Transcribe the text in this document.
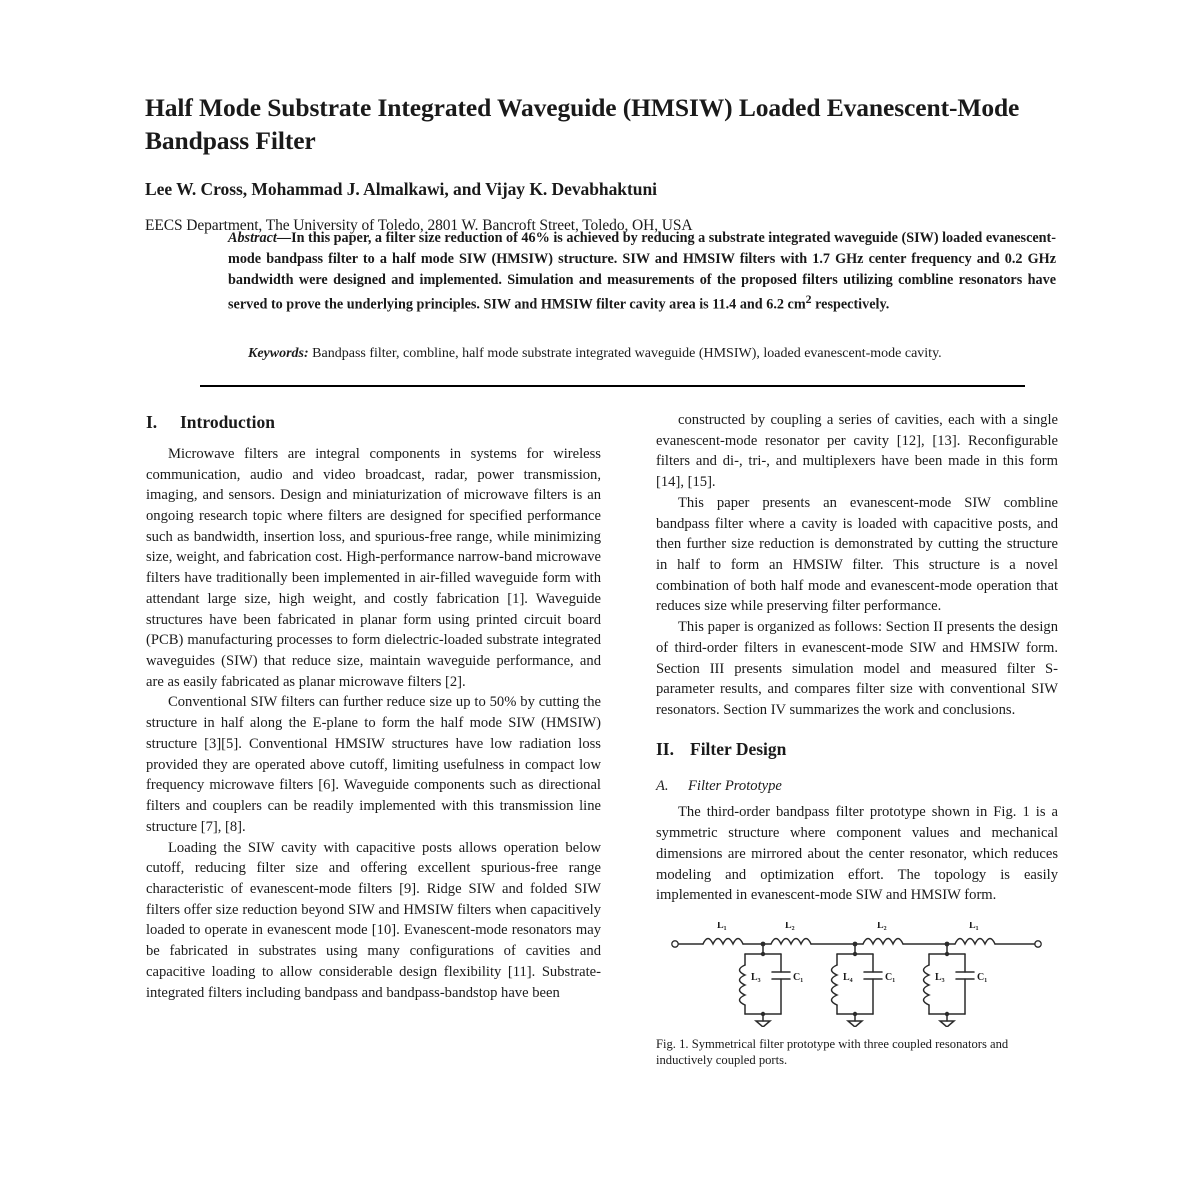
Half Mode Substrate Integrated Waveguide (HMSIW) Loaded Evanescent-Mode Bandpass Filter
Lee W. Cross, Mohammad J. Almalkawi, and Vijay K. Devabhaktuni
EECS Department, The University of Toledo, 2801 W. Bancroft Street, Toledo, OH, USA
Abstract—In this paper, a filter size reduction of 46% is achieved by reducing a substrate integrated waveguide (SIW) loaded evanescent-mode bandpass filter to a half mode SIW (HMSIW) structure. SIW and HMSIW filters with 1.7 GHz center frequency and 0.2 GHz bandwidth were designed and implemented. Simulation and measurements of the proposed filters utilizing combline resonators have served to prove the underlying principles. SIW and HMSIW filter cavity area is 11.4 and 6.2 $cm^2$ respectively.
Keywords: Bandpass filter, combline, half mode substrate integrated waveguide (HMSIW), loaded evanescent-mode cavity.
I. Introduction

Microwave filters are integral components in systems for wireless communication, audio and video broadcast, radar, power transmission, imaging, and sensors. Design and miniaturization of microwave filters is an ongoing research topic where filters are designed for specified performance such as bandwidth, insertion loss, and spurious-free range, while minimizing size, weight, and fabrication cost. High-performance narrow-band microwave filters have traditionally been implemented in air-filled waveguide form with attendant large size, high weight, and costly fabrication [1]. Waveguide structures have been fabricated in planar form using printed circuit board (PCB) manufacturing processes to form dielectric-loaded substrate integrated waveguides (SIW) that reduce size, maintain waveguide performance, and are as easily fabricated as planar microwave filters [2].

Conventional SIW filters can further reduce size up to 50% by cutting the structure in half along the E-plane to form the half mode SIW (HMSIW) structure [3][5]. Conventional HMSIW structures have low radiation loss provided they are operated above cutoff, limiting usefulness in compact low frequency microwave filters [6]. Waveguide components such as directional filters and couplers can be readily implemented with this transmission line structure [7], [8].

Loading the SIW cavity with capacitive posts allows operation below cutoff, reducing filter size and offering excellent spurious-free range characteristic of evanescent-mode filters [9]. Ridge SIW and folded SIW filters offer size reduction beyond SIW and HMSIW filters when capacitively loaded to operate in evanescent mode [10]. Evanescent-mode resonators may be fabricated in substrates using many configurations of cavities and capacitive loading to allow considerable design flexibility [11]. Substrate-integrated filters including bandpass and bandpass-bandstop have been

constructed by coupling a series of cavities, each with a single evanescent-mode resonator per cavity [12], [13]. Reconfigurable filters and di-, tri-, and multiplexers have been made in this form [14], [15].

This paper presents an evanescent-mode SIW combline bandpass filter where a cavity is loaded with capacitive posts, and then further size reduction is demonstrated by cutting the structure in half to form an HMSIW filter. This structure is a novel combination of both half mode and evanescent-mode operation that reduces size while preserving filter performance.

This paper is organized as follows: Section II presents the design of third-order filters in evanescent-mode SIW and HMSIW form. Section III presents simulation model and measured filter S-parameter results, and compares filter size with conventional SIW resonators. Section IV summarizes the work and conclusions.

II. Filter Design
A. Filter Prototype

The third-order bandpass filter prototype shown in Fig. 1 is a symmetric structure where component values and mechanical dimensions are mirrored about the center resonator, which reduces modeling and optimization effort. The topology is easily implemented in evanescent-mode SIW and HMSIW form.

L₁	L₂	L₂	L₁
L₃	L₄	L₃
C₁	C₁	C₁
Fig. 1. Symmetrical filter prototype with three coupled resonators and inductively coupled ports.
